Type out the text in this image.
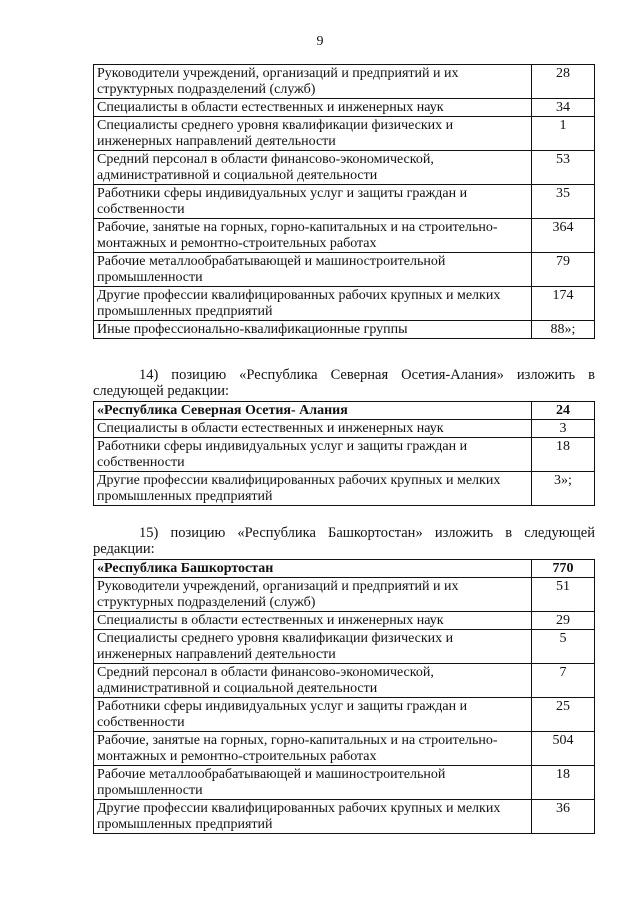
9
Руководители учреждений, организаций и предприятий и их структурных подразделений (служб)	28
Специалисты в области естественных и инженерных наук	34
Специалисты среднего уровня квалификации физических и инженерных направлений деятельности	1
Средний персонал в области финансово-экономической, административной и социальной деятельности	53
Работники сферы индивидуальных услуг и защиты граждан и собственности	35
Рабочие, занятые на горных, горно-капитальных и на строительно-монтажных и ремонтно-строительных работах	364
Рабочие металлообрабатывающей и машиностроительной промышленности	79
Другие профессии квалифицированных рабочих крупных и мелких промышленных предприятий	174
Иные профессионально-квалификационные группы	88»;
14) позицию «Республика Северная Осетия-Алания» изложить в
следующей редакции:
«Республика Северная Осетия- Алания	24
Специалисты в области естественных и инженерных наук	3
Работники сферы индивидуальных услуг и защиты граждан и собственности	18
Другие профессии квалифицированных рабочих крупных и мелких промышленных предприятий	3»;
15) позицию «Республика Башкортостан» изложить в следующей
редакции:
«Республика Башкортостан	770
Руководители учреждений, организаций и предприятий и их структурных подразделений (служб)	51
Специалисты в области естественных и инженерных наук	29
Специалисты среднего уровня квалификации физических и инженерных направлений деятельности	5
Средний персонал в области финансово-экономической, административной и социальной деятельности	7
Работники сферы индивидуальных услуг и защиты граждан и собственности	25
Рабочие, занятые на горных, горно-капитальных и на строительно-монтажных и ремонтно-строительных работах	504
Рабочие металлообрабатывающей и машиностроительной промышленности	18
Другие профессии квалифицированных рабочих крупных и мелких промышленных предприятий	36
